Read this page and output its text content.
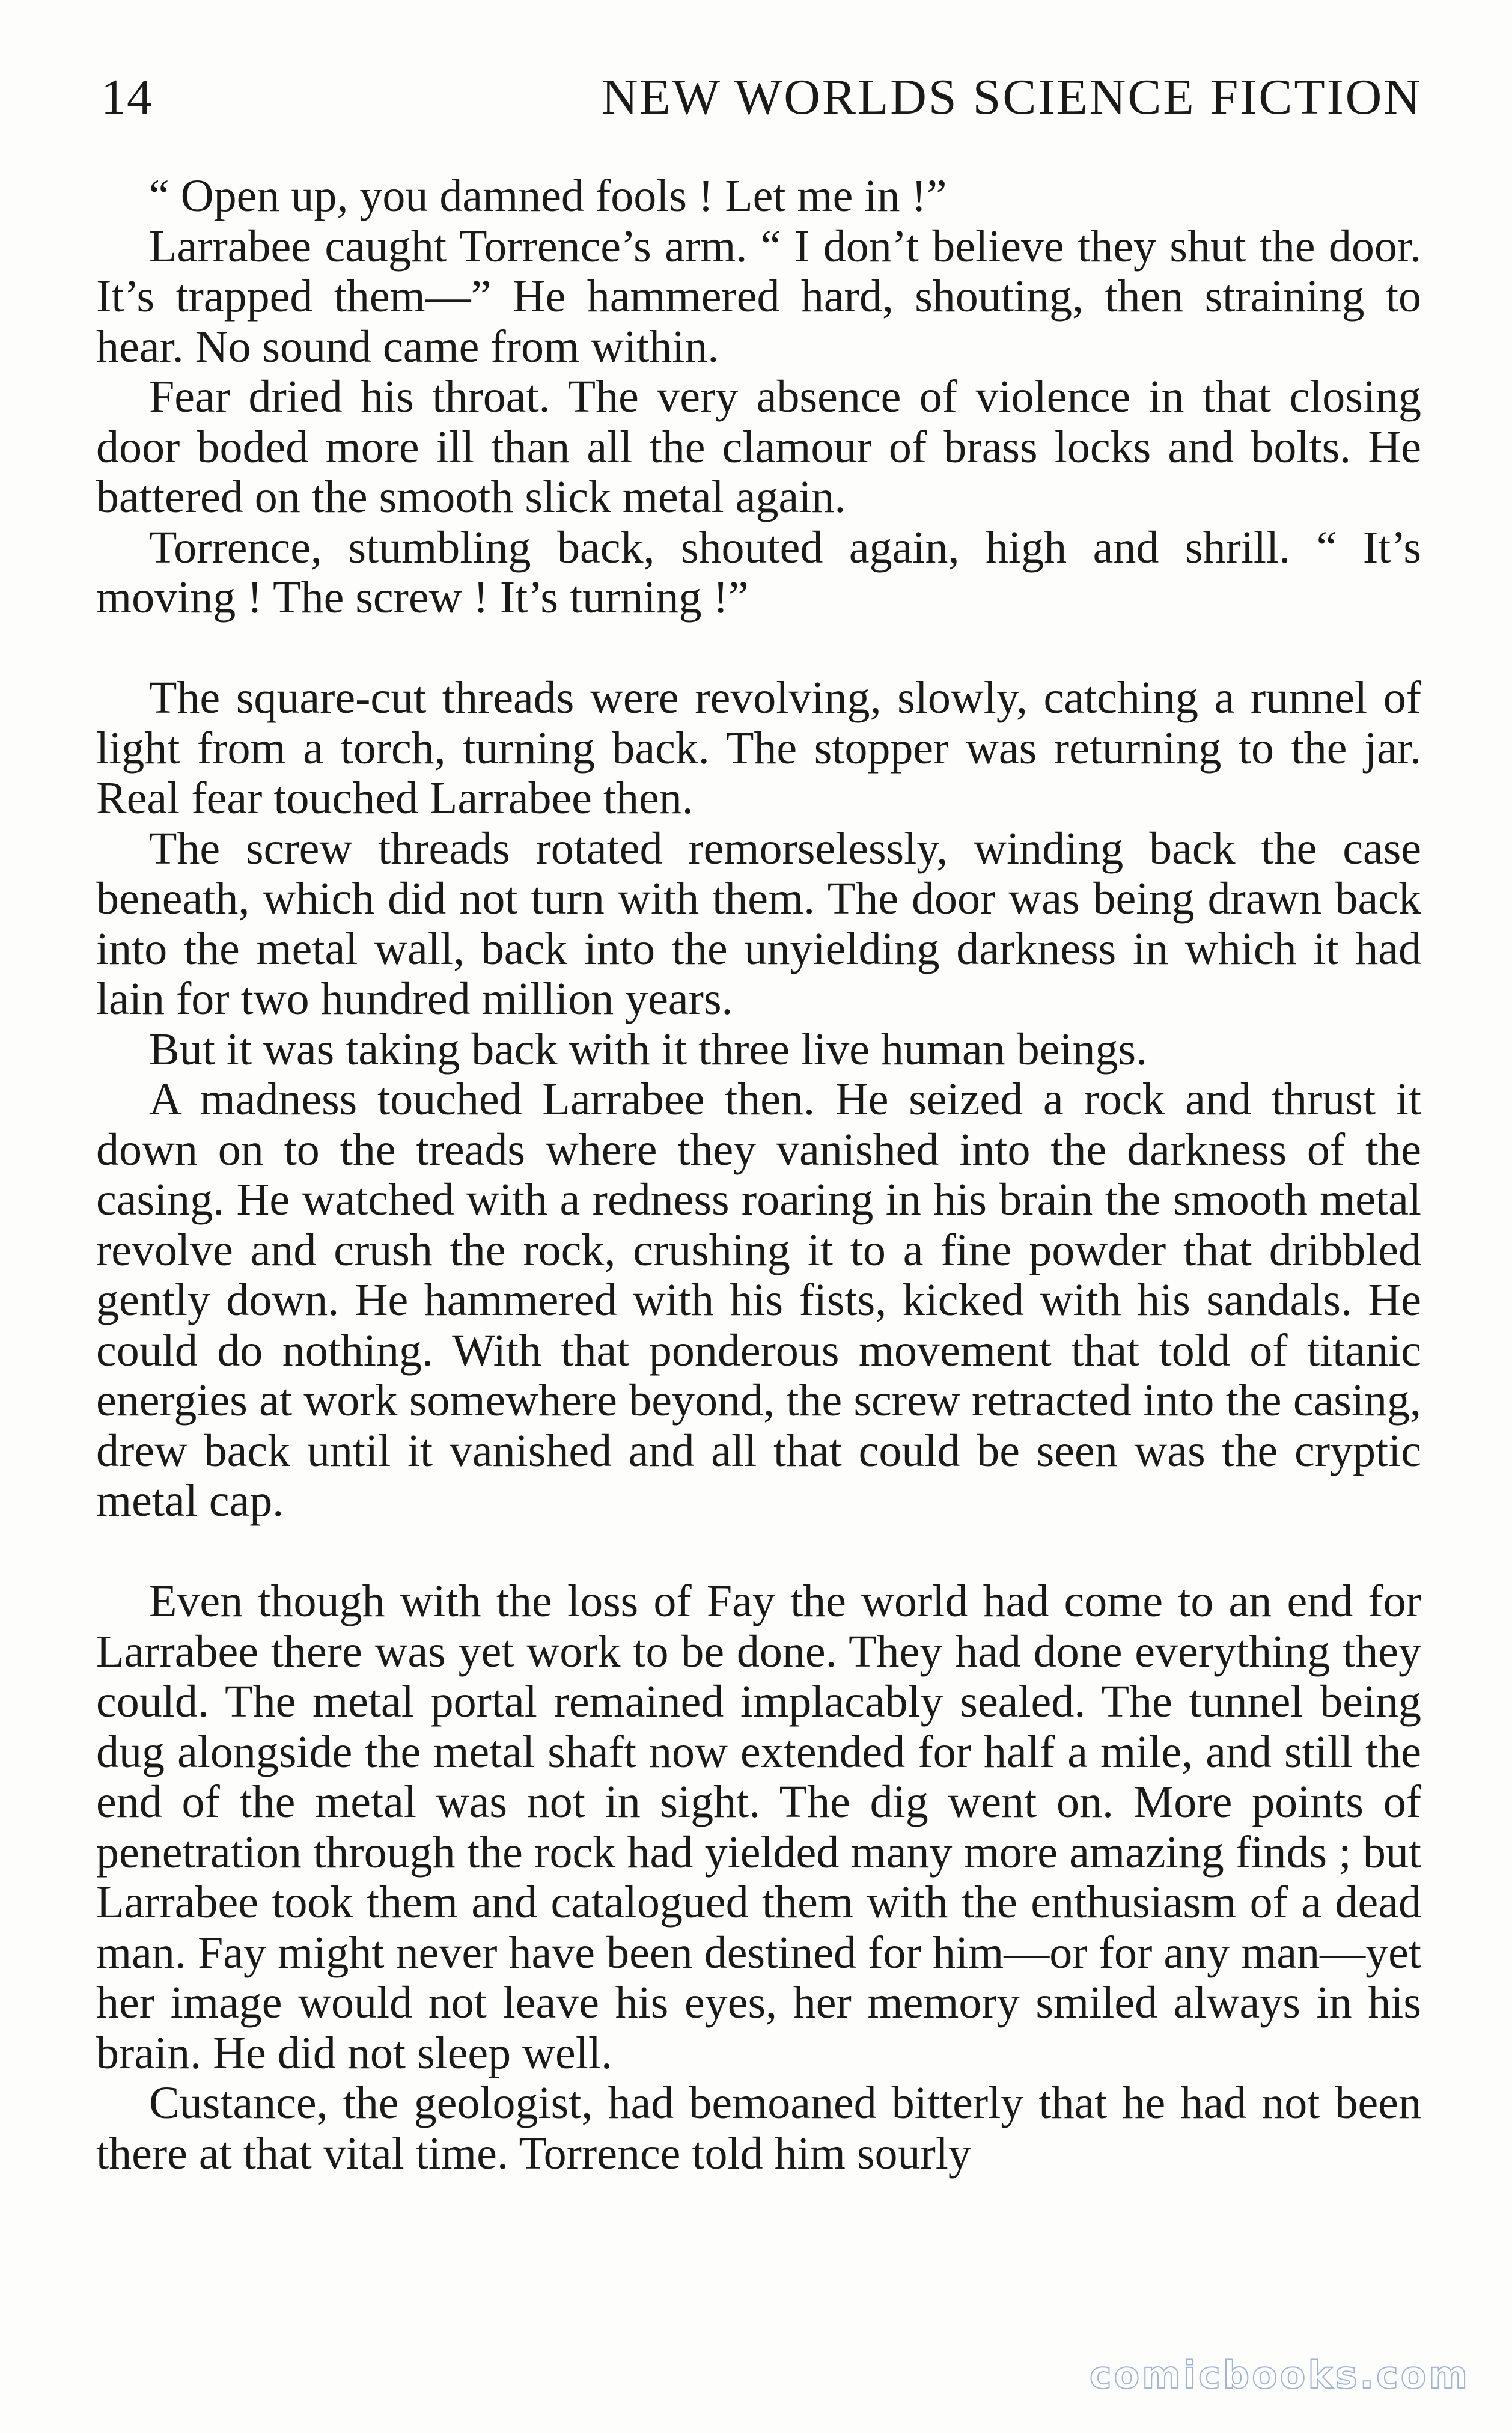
14	NEW WORLDS SCIENCE FICTION

“ Open up, you damned fools ! Let me in !”

Larrabee caught Torrence’s arm. “ I don’t believe they shut the door. It’s trapped them—” He hammered hard, shouting, then straining to hear. No sound came from within.

Fear dried his throat. The very absence of violence in that closing door boded more ill than all the clamour of brass locks and bolts. He battered on the smooth slick metal again.

Torrence, stumbling back, shouted again, high and shrill. “ It’s moving ! The screw ! It’s turning !”

The square-cut threads were revolving, slowly, catching a runnel of light from a torch, turning back. The stopper was returning to the jar. Real fear touched Larrabee then.

The screw threads rotated remorselessly, winding back the case beneath, which did not turn with them. The door was being drawn back into the metal wall, back into the unyielding darkness in which it had lain for two hundred million years.

But it was taking back with it three live human beings.

A madness touched Larrabee then. He seized a rock and thrust it down on to the treads where they vanished into the darkness of the casing. He watched with a redness roaring in his brain the smooth metal revolve and crush the rock, crushing it to a fine powder that dribbled gently down. He hammered with his fists, kicked with his sandals. He could do nothing. With that ponderous movement that told of titanic energies at work somewhere beyond, the screw retracted into the casing, drew back until it vanished and all that could be seen was the cryptic metal cap.

Even though with the loss of Fay the world had come to an end for Larrabee there was yet work to be done. They had done everything they could. The metal portal remained implacably sealed. The tunnel being dug alongside the metal shaft now extended for half a mile, and still the end of the metal was not in sight. The dig went on. More points of penetration through the rock had yielded many more amazing finds ; but Larrabee took them and catalogued them with the enthusiasm of a dead man. Fay might never have been destined for him—or for any man—yet her image would not leave his eyes, her memory smiled always in his brain. He did not sleep well.

Custance, the geologist, had bemoaned bitterly that he had not been there at that vital time. Torrence told him sourly

comicbooks.com
